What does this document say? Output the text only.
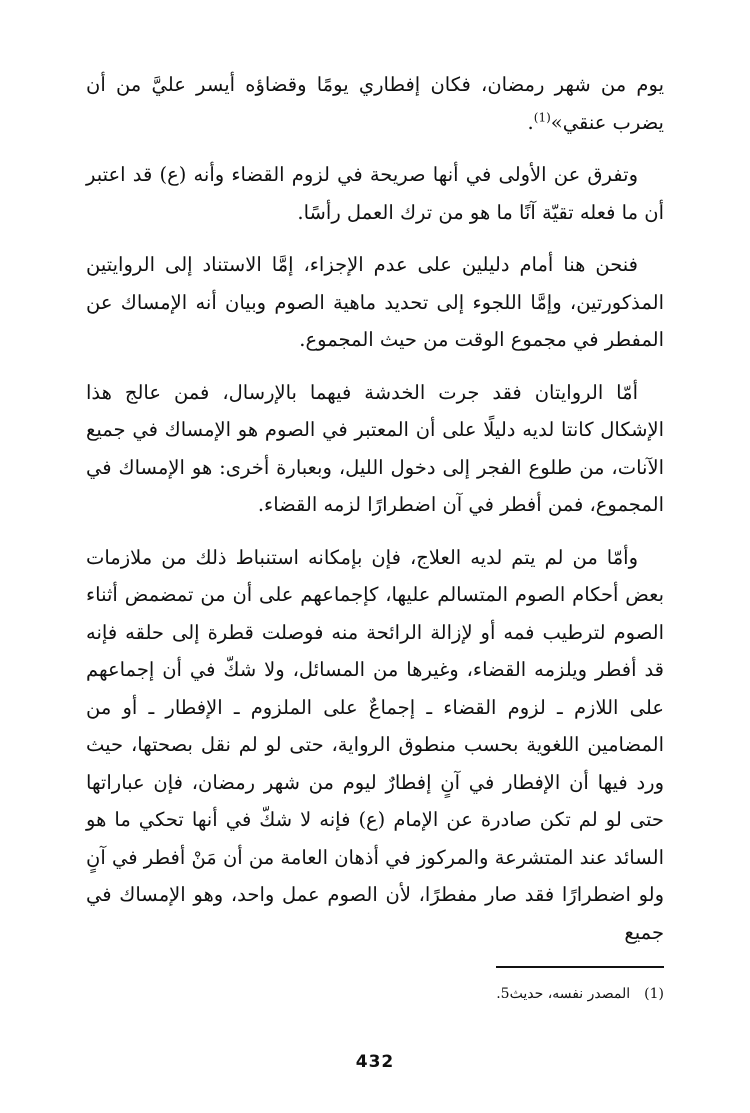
يوم من شهر رمضان، فكان إفطاري يومًا وقضاؤه أيسر عليَّ من أن يضرب عنقي»$^{(1)}$.

وتفرق عن الأولى في أنها صريحة في لزوم القضاء وأنه (ع) قد اعتبر أن ما فعله تقيّة آنًا ما هو من ترك العمل رأسًا.

فنحن هنا أمام دليلين على عدم الإجزاء، إمَّا الاستناد إلى الروايتين المذكورتين، وإمَّا اللجوء إلى تحديد ماهية الصوم وبيان أنه الإمساك عن المفطر في مجموع الوقت من حيث المجموع.

أمّا الروايتان فقد جرت الخدشة فيهما بالإرسال، فمن عالج هذا الإشكال كانتا لديه دليلًا على أن المعتبر في الصوم هو الإمساك في جميع الآنات، من طلوع الفجر إلى دخول الليل، وبعبارة أخرى: هو الإمساك في المجموع، فمن أفطر في آن اضطرارًا لزمه القضاء.

وأمّا من لم يتم لديه العلاج، فإن بإمكانه استنباط ذلك من ملازمات بعض أحكام الصوم المتسالم عليها، كإجماعهم على أن من تمضمض أثناء الصوم لترطيب فمه أو لإزالة الرائحة منه فوصلت قطرة إلى حلقه فإنه قد أفطر ويلزمه القضاء، وغيرها من المسائل، ولا شكّ في أن إجماعهم على اللازم ـ لزوم القضاء ـ إجماعٌ على الملزوم ـ الإفطار ـ أو من المضامين اللغوية بحسب منطوق الرواية، حتى لو لم نقل بصحتها، حيث ورد فيها أن الإفطار في آنٍ إفطارٌ ليوم من شهر رمضان، فإن عباراتها حتى لو لم تكن صادرة عن الإمام (ع) فإنه لا شكّ في أنها تحكي ما هو السائد عند المتشرعة والمركوز في أذهان العامة من أن مَنْ أفطر في آنٍ ولو اضطرارًا فقد صار مفطرًا، لأن الصوم عمل واحد، وهو الإمساك في جميع

(1)المصدر نفسه، حديث5.
432
